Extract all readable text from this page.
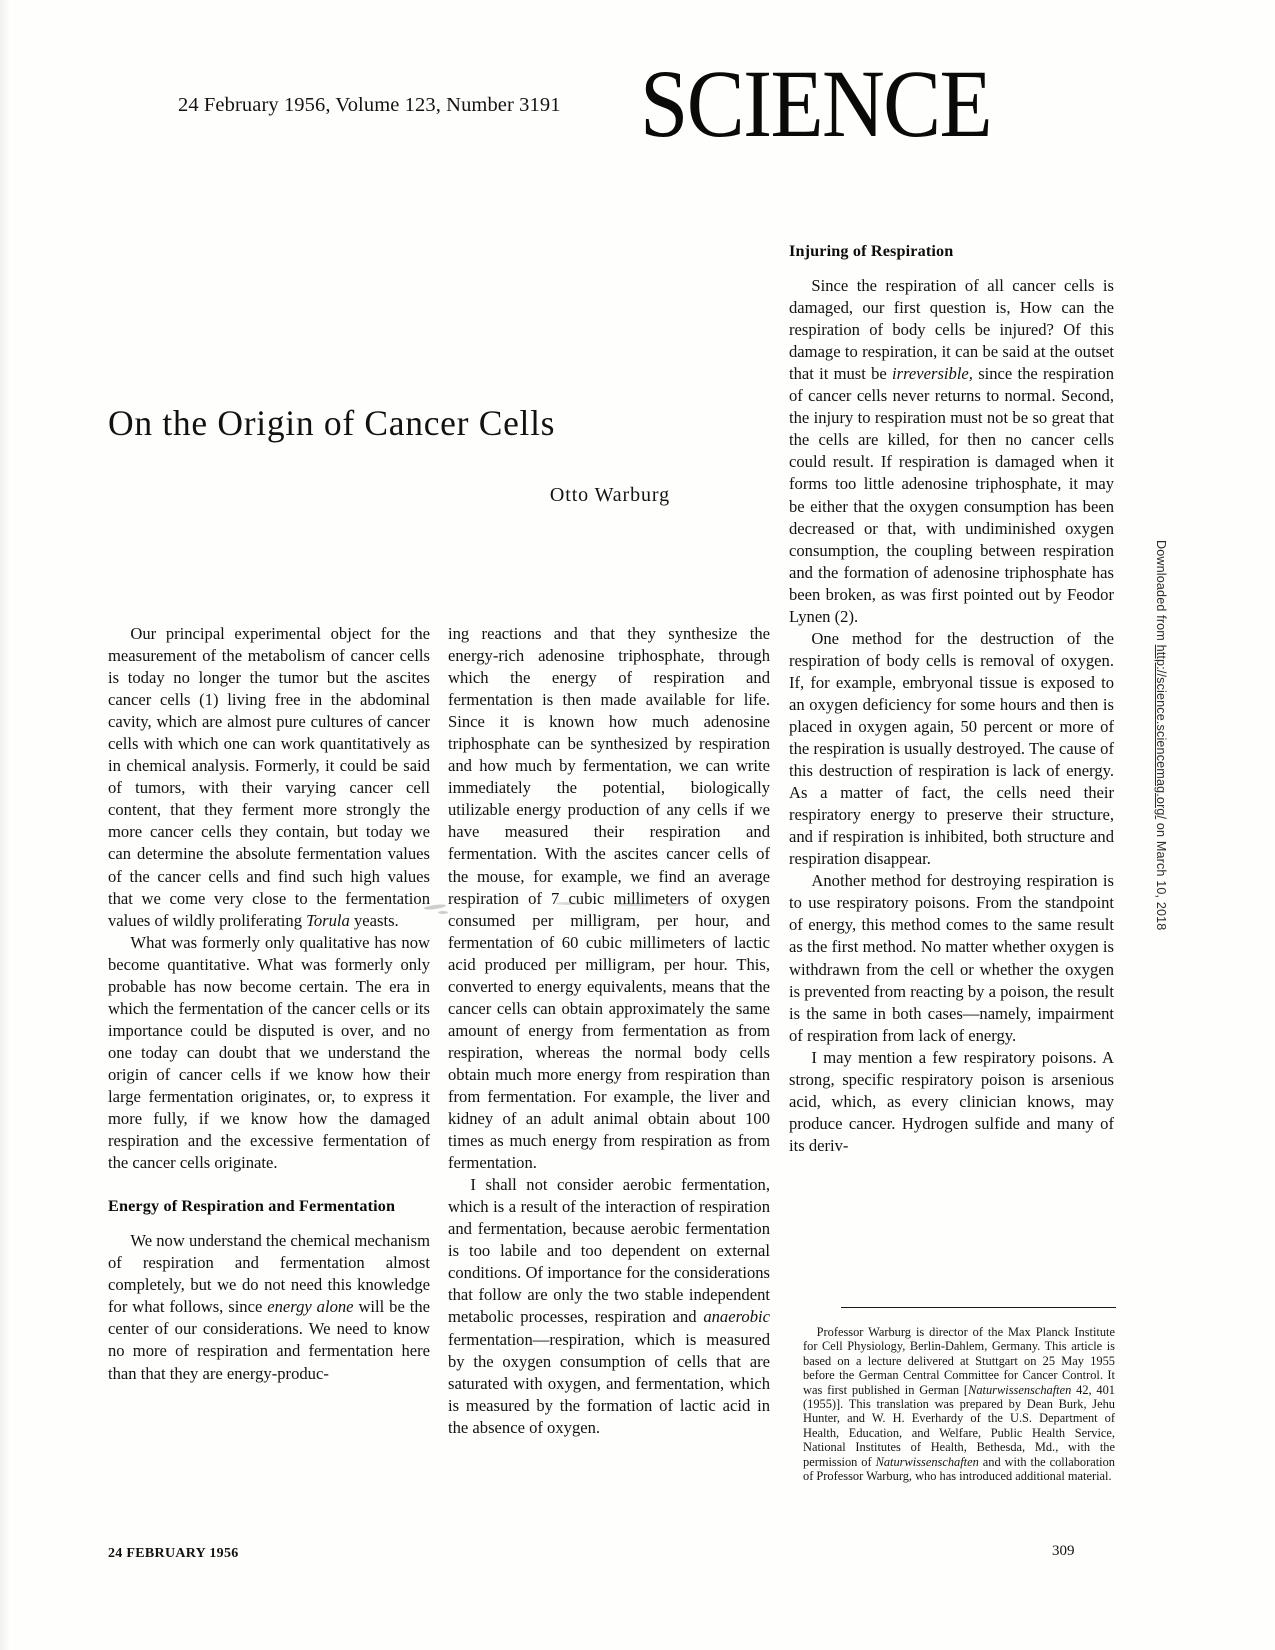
24 February 1956, Volume 123, Number 3191 SCIENCE
On the Origin of Cancer Cells
Otto Warburg

Our principal experimental object for the measurement of the metabolism of cancer cells is today no longer the tumor but the ascites cancer cells (1) living free in the abdominal cavity, which are almost pure cultures of cancer cells with which one can work quantitatively as in chemical analysis. Formerly, it could be said of tumors, with their varying cancer cell content, that they ferment more strongly the more cancer cells they contain, but today we can determine the absolute fermentation values of the cancer cells and find such high values that we come very close to the fermentation values of wildly proliferating Torula yeasts.

What was formerly only qualitative has now become quantitative. What was formerly only probable has now become certain. The era in which the fermentation of the cancer cells or its importance could be disputed is over, and no one today can doubt that we understand the origin of cancer cells if we know how their large fermentation originates, or, to express it more fully, if we know how the damaged respiration and the excessive fermentation of the cancer cells originate.

Energy of Respiration and Fermentation

We now understand the chemical mechanism of respiration and fermentation almost completely, but we do not need this knowledge for what follows, since energy alone will be the center of our considerations. We need to know no more of respiration and fermentation here than that they are energy-produc-

ing reactions and that they synthesize the energy-rich adenosine triphosphate, through which the energy of respiration and fermentation is then made available for life. Since it is known how much adenosine triphosphate can be synthesized by respiration and how much by fermentation, we can write immediately the potential, biologically utilizable energy production of any cells if we have measured their respiration and fermentation. With the ascites cancer cells of the mouse, for example, we find an average respiration of 7 cubic millimeters of oxygen consumed per milligram, per hour, and fermentation of 60 cubic millimeters of lactic acid produced per milligram, per hour. This, converted to energy equivalents, means that the cancer cells can obtain approximately the same amount of energy from fermentation as from respiration, whereas the normal body cells obtain much more energy from respiration than from fermentation. For example, the liver and kidney of an adult animal obtain about 100 times as much energy from respiration as from fermentation.

I shall not consider aerobic fermentation, which is a result of the interaction of respiration and fermentation, because aerobic fermentation is too labile and too dependent on external conditions. Of importance for the considerations that follow are only the two stable independent metabolic processes, respiration and anaerobic fermentation—respiration, which is measured by the oxygen consumption of cells that are saturated with oxygen, and fermentation, which is measured by the formation of lactic acid in the absence of oxygen.

Injuring of Respiration

Since the respiration of all cancer cells is damaged, our first question is, How can the respiration of body cells be injured? Of this damage to respiration, it can be said at the outset that it must be irreversible, since the respiration of cancer cells never returns to normal. Second, the injury to respiration must not be so great that the cells are killed, for then no cancer cells could result. If respiration is damaged when it forms too little adenosine triphosphate, it may be either that the oxygen consumption has been decreased or that, with undiminished oxygen consumption, the coupling between respiration and the formation of adenosine triphosphate has been broken, as was first pointed out by Feodor Lynen (2).

One method for the destruction of the respiration of body cells is removal of oxygen. If, for example, embryonal tissue is exposed to an oxygen deficiency for some hours and then is placed in oxygen again, 50 percent or more of the respiration is usually destroyed. The cause of this destruction of respiration is lack of energy. As a matter of fact, the cells need their respiratory energy to preserve their structure, and if respiration is inhibited, both structure and respiration disappear.

Another method for destroying respiration is to use respiratory poisons. From the standpoint of energy, this method comes to the same result as the first method. No matter whether oxygen is withdrawn from the cell or whether the oxygen is prevented from reacting by a poison, the result is the same in both cases—namely, impairment of respiration from lack of energy.

I may mention a few respiratory poisons. A strong, specific respiratory poison is arsenious acid, which, as every clinician knows, may produce cancer. Hydrogen sulfide and many of its deriv-

Professor Warburg is director of the Max Planck Institute for Cell Physiology, Berlin-Dahlem, Germany. This article is based on a lecture delivered at Stuttgart on 25 May 1955 before the German Central Committee for Cancer Control. It was first published in German [Naturwissenschaften 42, 401 (1955)]. This translation was prepared by Dean Burk, Jehu Hunter, and W. H. Everhardy of the U.S. Department of Health, Education, and Welfare, Public Health Service, National Institutes of Health, Bethesda, Md., with the permission of Naturwissenschaften and with the collaboration of Professor Warburg, who has introduced additional material.

24 FEBRUARY 1956	309
Downloaded from http://science.sciencemag.org/ on March 10, 2018
